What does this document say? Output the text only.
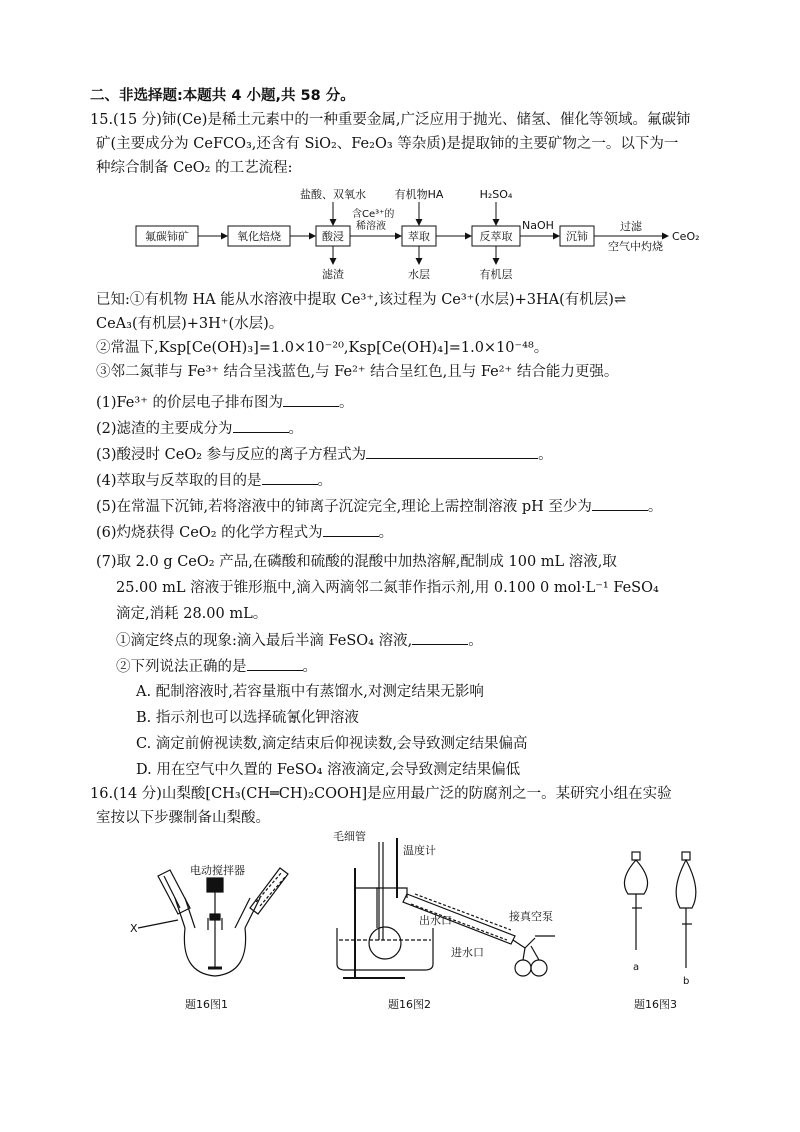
二、非选择题:本题共 4 小题,共 58 分。
15.(15 分)铈(Ce)是稀土元素中的一种重要金属,广泛应用于抛光、储氢、催化等领域。氟碳铈
矿(主要成分为 CeFCO₃,还含有 SiO₂、Fe₂O₃ 等杂质)是提取铈的主要矿物之一。以下为一
种综合制备 CeO₂ 的工艺流程:
氟碳铈矿	氧化焙烧	酸浸	萃取	反萃取	沉铈
含Ce³⁺的
稀溶液	NaOH	过滤
空气中灼烧
CeO₂
盐酸、双氧水	有机物HA	H₂SO₄
滤渣	水层	有机层
已知:①有机物 HA 能从水溶液中提取 Ce³⁺,该过程为 Ce³⁺(水层)+3HA(有机层)⇌
CeA₃(有机层)+3H⁺(水层)。
②常温下,Ksp[Ce(OH)₃]=1.0×10⁻²⁰,Ksp[Ce(OH)₄]=1.0×10⁻⁴⁸。
③邻二氮菲与 Fe³⁺ 结合呈浅蓝色,与 Fe²⁺ 结合呈红色,且与 Fe²⁺ 结合能力更强。
(1)Fe³⁺ 的价层电子排布图为	。
(2)滤渣的主要成分为	。
(3)酸浸时 CeO₂ 参与反应的离子方程式为	。
(4)萃取与反萃取的目的是	。
(5)在常温下沉铈,若将溶液中的铈离子沉淀完全,理论上需控制溶液 pH 至少为	。
(6)灼烧获得 CeO₂ 的化学方程式为	。
(7)取 2.0 g CeO₂ 产品,在磷酸和硫酸的混酸中加热溶解,配制成 100 mL 溶液,取
25.00 mL 溶液于锥形瓶中,滴入两滴邻二氮菲作指示剂,用 0.100 0 mol·L⁻¹ FeSO₄
滴定,消耗 28.00 mL。
①滴定终点的现象:滴入最后半滴 FeSO₄ 溶液,	。
②下列说法正确的是	。
A. 配制溶液时,若容量瓶中有蒸馏水,对测定结果无影响
B. 指示剂也可以选择硫氰化钾溶液
C. 滴定前俯视读数,滴定结束后仰视读数,会导致测定结果偏高
D. 用在空气中久置的 FeSO₄ 溶液滴定,会导致测定结果偏低
16.(14 分)山梨酸[CH₃(CH═CH)₂COOH]是应用最广泛的防腐剂之一。某研究小组在实验
室按以下步骤制备山梨酸。
电动搅拌器
X
题16图1
毛细管
温度计
出水口
进水口
接真空泵
题16图2
a
b
题16图3
